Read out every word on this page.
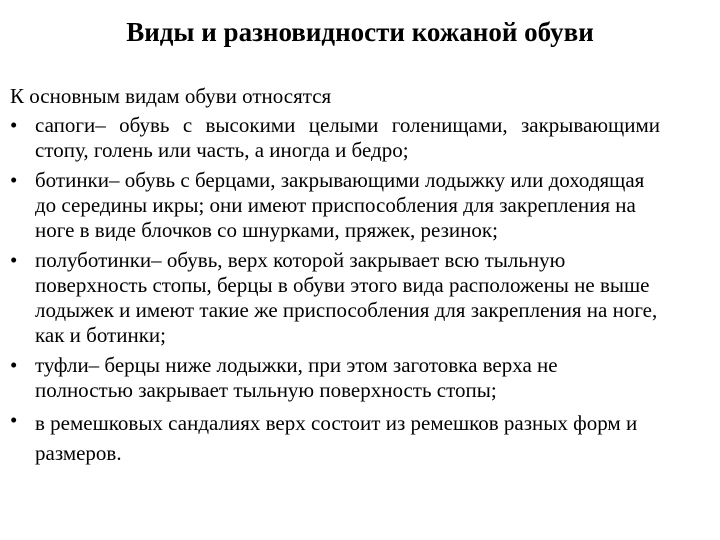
Виды и разновидности кожаной обуви
К основным видам обуви относятся
• сапоги– обувь с высокими целыми голенищами, закрывающими стопу, голень или часть, а иногда и бедро;
• ботинки– обувь с берцами, закрывающими лодыжку или доходящая до середины икры; они имеют приспособления для закрепления на ноге в виде блочков со шнурками, пряжек, резинок;
• полуботинки– обувь, верх которой закрывает всю тыльную поверхность стопы, берцы в обуви этого вида расположены не выше лодыжек и имеют такие же приспособления для закрепления на ноге, как и ботинки;
• туфли– берцы ниже лодыжки, при этом заготовка верха не полностью закрывает тыльную поверхность стопы;
• в ремешковых сандалиях верх состоит из ремешков разных форм и размеров.
